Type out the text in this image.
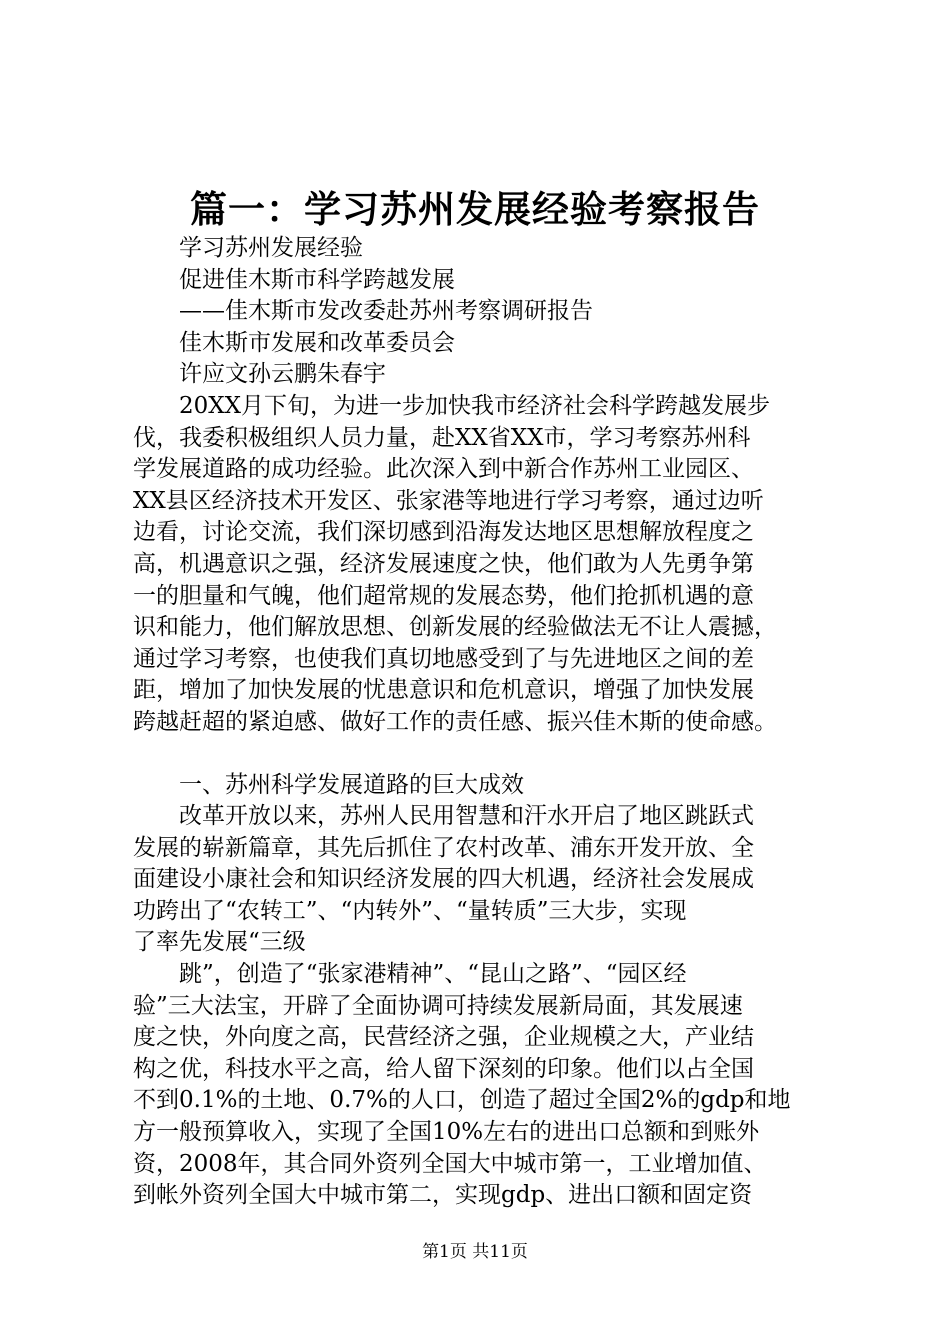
篇一：学习苏州发展经验考察报告
学习苏州发展经验
促进佳木斯市科学跨越发展
——佳木斯市发改委赴苏州考察调研报告
佳木斯市发展和改革委员会
许应文孙云鹏朱春宇
20XX月下旬，为进一步加快我市经济社会科学跨越发展步
伐，我委积极组织人员力量，赴XX省XX市，学习考察苏州科
学发展道路的成功经验。此次深入到中新合作苏州工业园区、
XX县区经济技术开发区、张家港等地进行学习考察，通过边听
边看，讨论交流，我们深切感到沿海发达地区思想解放程度之
高，机遇意识之强，经济发展速度之快，他们敢为人先勇争第
一的胆量和气魄，他们超常规的发展态势，他们抢抓机遇的意
识和能力，他们解放思想、创新发展的经验做法无不让人震撼，
通过学习考察，也使我们真切地感受到了与先进地区之间的差
距，增加了加快发展的忧患意识和危机意识，增强了加快发展
跨越赶超的紧迫感、做好工作的责任感、振兴佳木斯的使命感。
一、苏州科学发展道路的巨大成效
改革开放以来，苏州人民用智慧和汗水开启了地区跳跃式
发展的崭新篇章，其先后抓住了农村改革、浦东开发开放、全
面建设小康社会和知识经济发展的四大机遇，经济社会发展成
功跨出了“农转工”、“内转外”、“量转质”三大步，实现
了率先发展“三级
跳”，创造了“张家港精神”、“昆山之路”、“园区经
验”三大法宝，开辟了全面协调可持续发展新局面，其发展速
度之快，外向度之高，民营经济之强，企业规模之大，产业结
构之优，科技水平之高，给人留下深刻的印象。他们以占全国
不到0.1%的土地、0.7%的人口，创造了超过全国2%的gdp和地
方一般预算收入，实现了全国10%左右的进出口总额和到账外
资，2008年，其合同外资列全国大中城市第一，工业增加值、
到帐外资列全国大中城市第二，实现gdp、进出口额和固定资
第1页 共11页
